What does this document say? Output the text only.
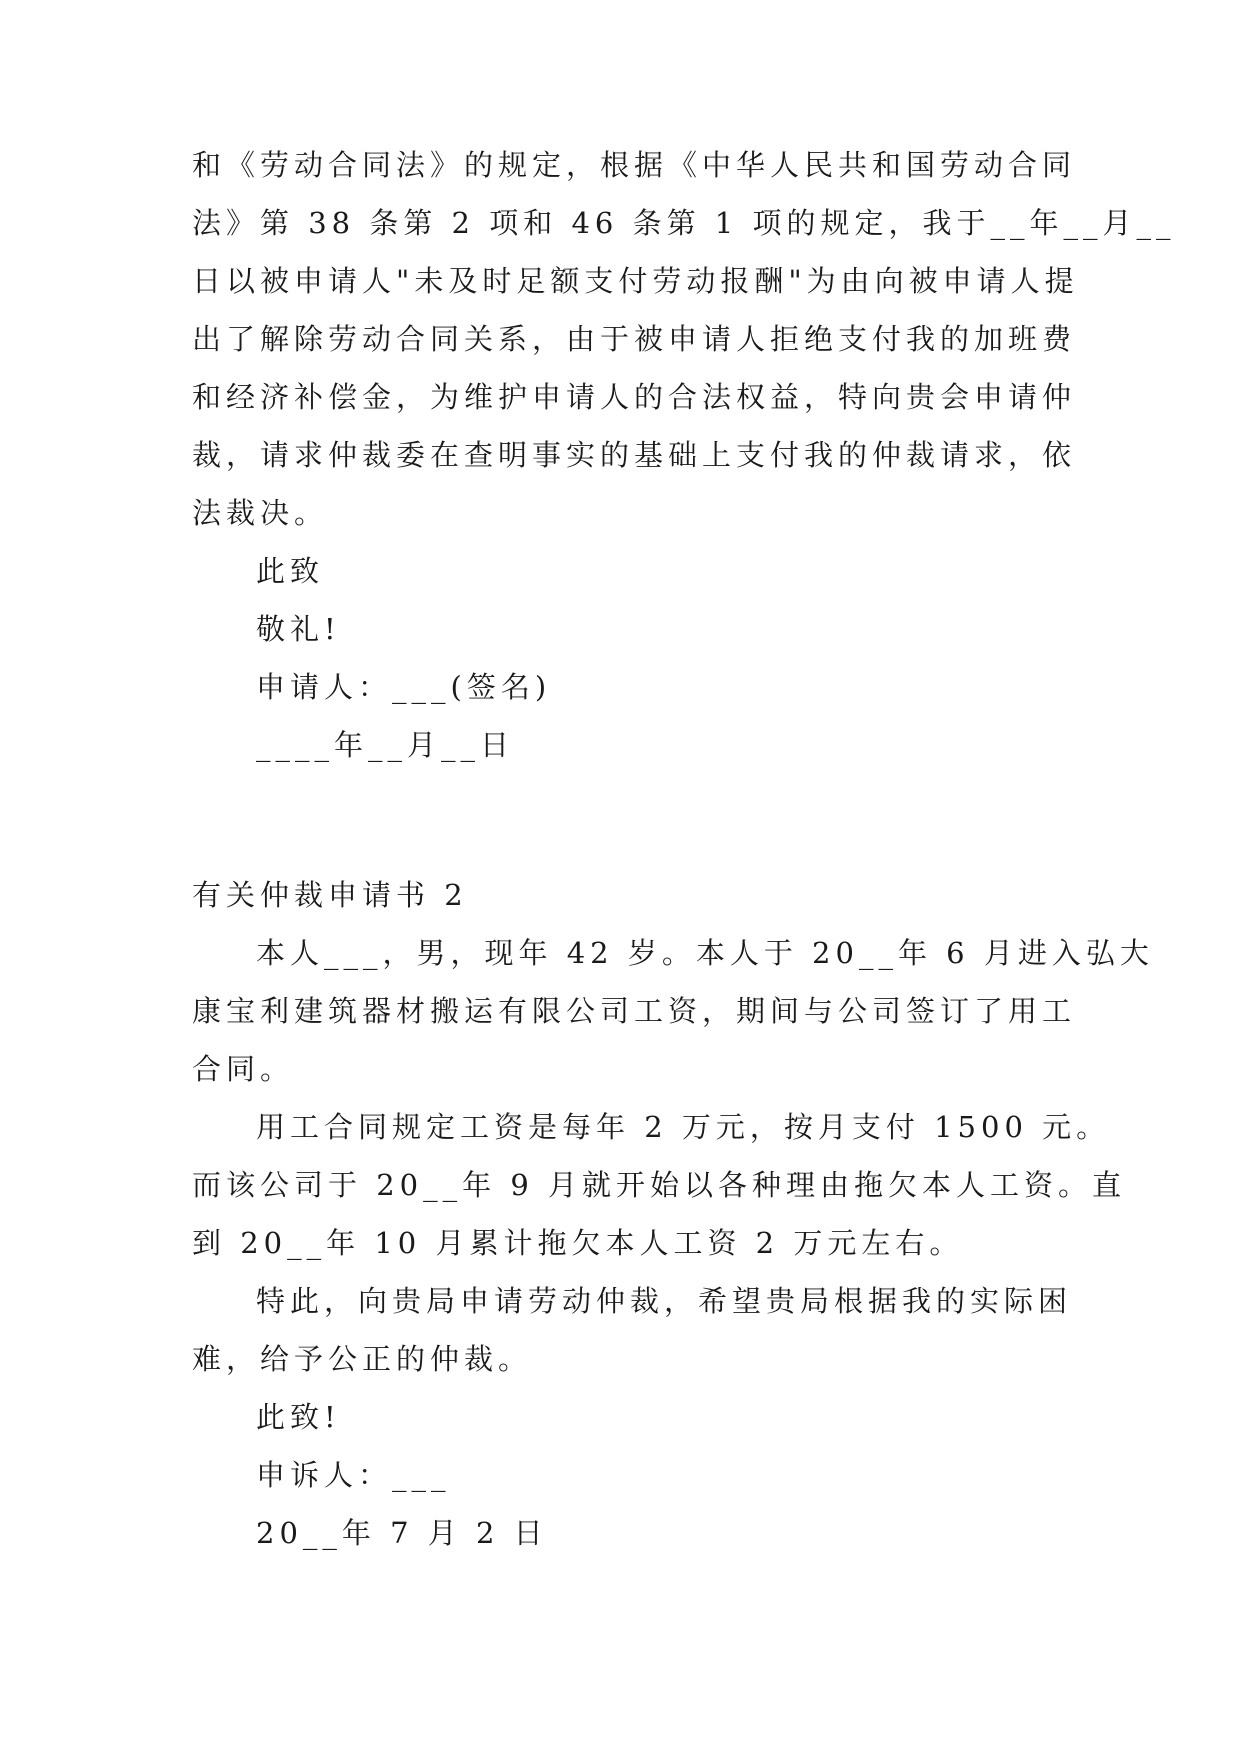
和《劳动合同法》的规定，根据《中华人民共和国劳动合同
法》第 38 条第 2 项和 46 条第 1 项的规定，我于__年__月__
日以被申请人"未及时足额支付劳动报酬"为由向被申请人提
出了解除劳动合同关系，由于被申请人拒绝支付我的加班费
和经济补偿金，为维护申请人的合法权益，特向贵会申请仲
裁，请求仲裁委在查明事实的基础上支付我的仲裁请求，依
法裁决。
此致
敬礼!
申请人：___(签名)
____年__月__日
有关仲裁申请书 2
本人___，男，现年 42 岁。本人于 20__年 6 月进入弘大
康宝利建筑器材搬运有限公司工资，期间与公司签订了用工
合同。
用工合同规定工资是每年 2 万元，按月支付 1500 元。
而该公司于 20__年 9 月就开始以各种理由拖欠本人工资。直
到 20__年 10 月累计拖欠本人工资 2 万元左右。
特此，向贵局申请劳动仲裁，希望贵局根据我的实际困
难，给予公正的仲裁。
此致!
申诉人：___
20__年 7 月 2 日
